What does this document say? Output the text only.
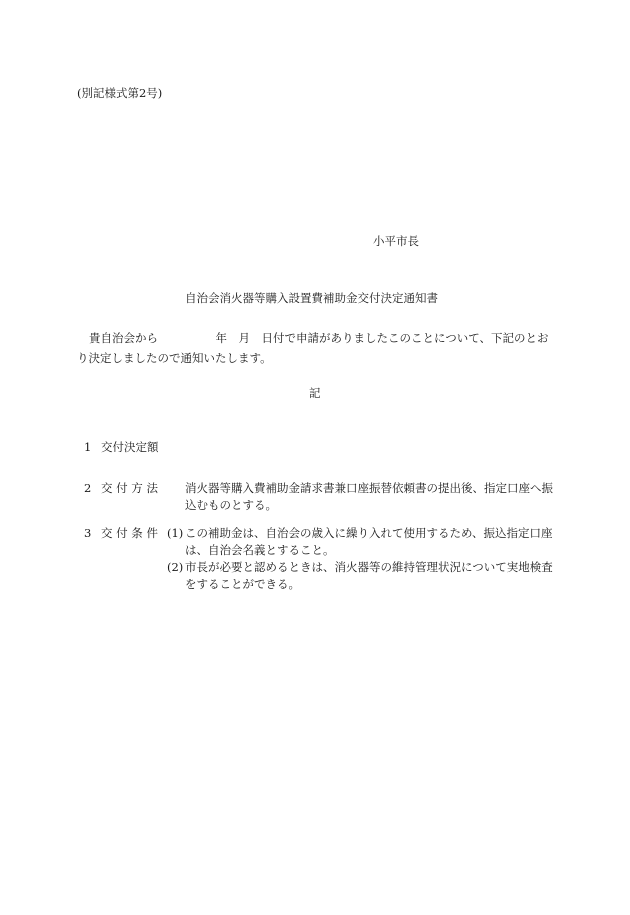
(別記様式第2号)
小平市長
自治会消火器等購入設置費補助金交付決定通知書
貴自治会から　　　　　年　月　日付で申請がありましたこのことについて、下記のとおり決定しましたので通知いたします。
記
1 交付決定額
2 交 付 方 法 消火器等購入費補助金請求書兼口座振替依頼書の提出後、指定口座へ振込むものとする。
3 交 付 条 件 (1) この補助金は、自治会の歳入に繰り入れて使用するため、振込指定口座は、自治会名義とすること。
(2) 市長が必要と認めるときは、消火器等の維持管理状況について実地検査をすることができる。
